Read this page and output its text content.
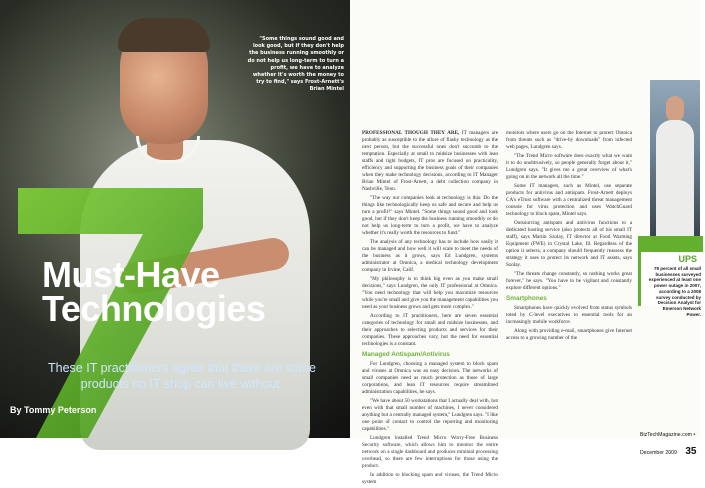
"Some things sound good and look good, but if they don't help the business running smoothly or do not help us long-term to turn a profit, we have to analyze whether it's worth the money to try to find," says Frost-Arnett's Brian Mintel
Must-Have
Technologies
These IT practitioners agree that there are some products no IT shop can live without.
By Tommy Peterson

PROFESSIONAL THOUGH THEY ARE, IT managers are probably as susceptible to the allure of flashy technology as the next person, but the successful ones don't succumb to the temptation. Especially at small to midsize businesses with lean staffs and tight budgets, IT pros are focused on practicality, efficiency and supporting the business goals of their companies when they make technology decisions, according to IT Manager Brian Mintel of Frost-Arnett, a debt collection company in Nashville, Tenn.

"The way our companies look at technology is this: Do the things like technologically keep us safe and secure and help us turn a profit?" says Mintel. "Some things sound good and look good, but if they don't keep the business running smoothly or do not help us long-term to turn a profit, we have to analyze whether it's really worth the resources to fund."

The analysis of any technology has to include how easily it can be managed and how well it will scale to meet the needs of the business as it grows, says Ed Lundgren, systems administrator at Omnica, a medical technology development company in Irvine, Calif.

"My philosophy is to think big even as you make small decisions," says Lundgren, the only IT professional at Omnica. "You need technology that will help you maximize resources while you're small and give you the management capabilities you need as your business grows and gets more complex."

According to IT practitioners, here are seven essential categories of technology for small and midsize businesses, and their approaches to selecting products and services for their companies. These approaches vary, but the need for essential technologies is a constant.

Managed Antispam/Antivirus

For Lundgren, choosing a managed system to block spam and viruses at Omnica was an easy decision. The networks of small companies need as much protection as those of large corporations, and lean IT resources require streamlined administration capabilities, he says.

"We have about 50 workstations that I actually deal with, but even with that small number of machines, I never considered anything but a centrally managed system," Lundgren says. "I like one point of contact to control the reporting and monitoring capabilities."

Lundgren installed Trend Micro Worry-Free Business Security software, which allows him to monitor the entire network on a single dashboard and produces minimal processing overhead, so there are few interruptions for those using the product.

In addition to blocking spam and viruses, the Trend Micro system

monitors where users go on the Internet to protect Omnica from threats such as "drive-by downloads" from infected web pages, Lundgren says.

"The Trend Micro software does exactly what we want it to do unobtrusively, so people generally forget about it," Lundgren says. "It gives me a great overview of what's going on in the network all the time."

Some IT managers, such as Mintel, use separate products for antivirus and antispam. Frost-Arnett deploys CA's eTrust software with a centralized threat management console for virus protection and uses WatchGuard technology to block spam, Mintel says.

Outsourcing antispam and antivirus functions to a dedicated hosting service (also protects all of his small IT staff), says Martin Szolay, IT director at Food Warming Equipment (FWE) in Crystal Lake, Ill. Regardless of the option it selects, a company should frequently reassess the strategy it uses to protect its network and IT assets, says Szolay.

"The threats change constantly, so nothing works great forever," he says. "You have to be vigilant and constantly explore different options."

Smartphones

Smartphones have quickly evolved from status symbols toted by C-level executives to essential tools for an increasingly mobile workforce.

Along with providing e-mail, smartphones give Internet access to a growing number of the

UPS
79 percent of all small businesses surveyed experienced at least one power outage in 2007, according to a 2008 survey conducted by Decision Analyst for Emerson Network Power.
BizTechMagazine.com • December 2009 35
